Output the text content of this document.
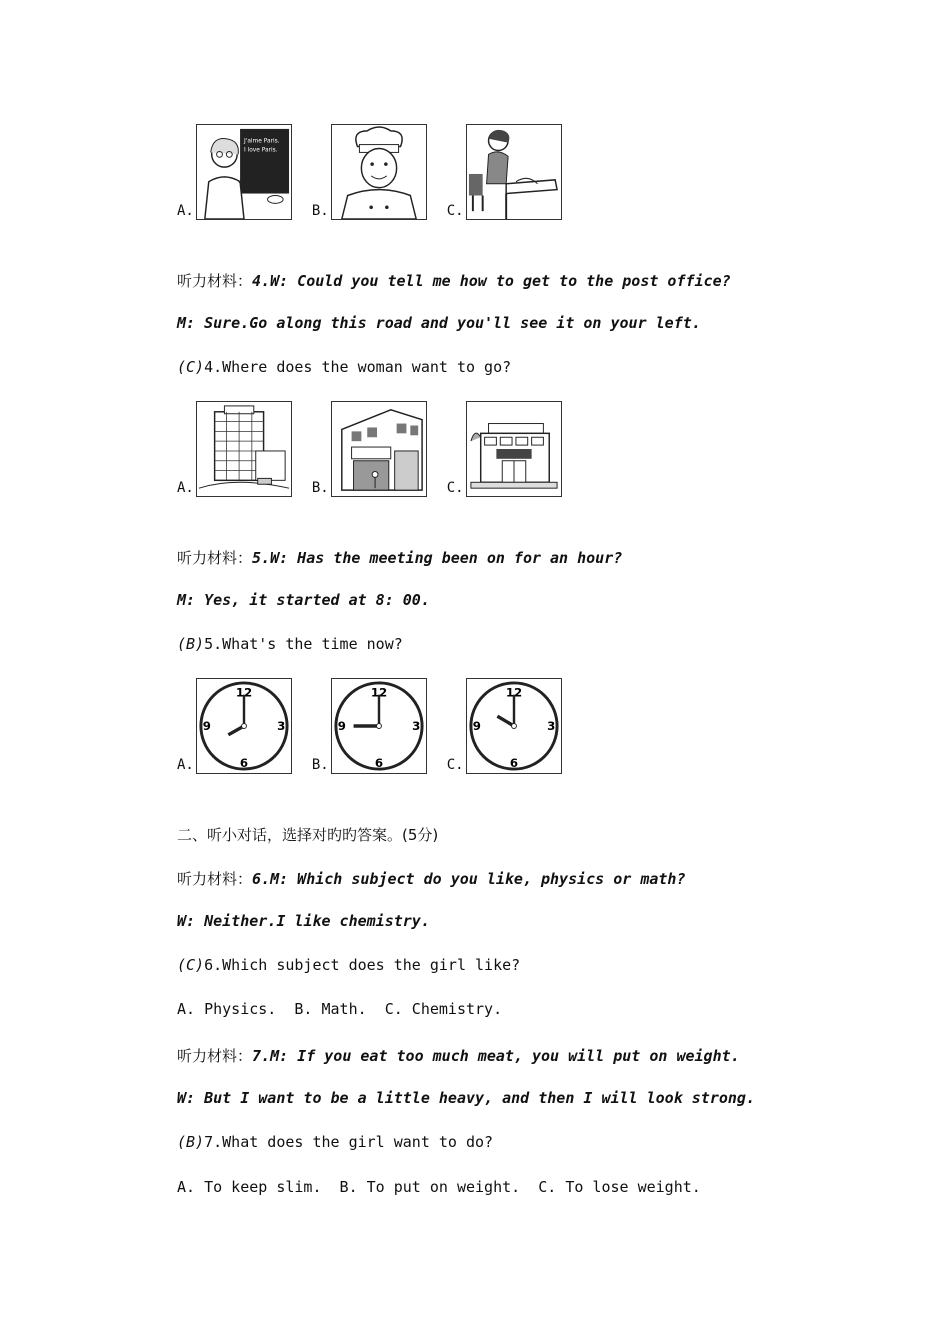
A.
J'aime Paris.
I love Paris.
B.	C.
听力材料：4.W: Could you tell me how to get to the post office?
M: Sure.Go along this road and you'll see it on your left.
(C)4.Where does the woman want to go?
A.	B.	C.
听力材料：5.W: Has the meeting been on for an hour?
M: Yes, it started at 8: 00.
(B)5.What's the time now?
A.
12
3
6
9
B.
12
3
6
9
C.
12
3
6
9
二、听小对话，选择对旳旳答案。(5分)
听力材料：6.M: Which subject do you like, physics or math?
W: Neither.I like chemistry.
(C)6.Which subject does the girl like?
A. Physics.  B. Math.  C. Chemistry.
听力材料：7.M: If you eat too much meat, you will put on weight.
W: But I want to be a little heavy, and then I will look strong.
(B)7.What does the girl want to do?
A. To keep slim.  B. To put on weight.  C. To lose weight.
